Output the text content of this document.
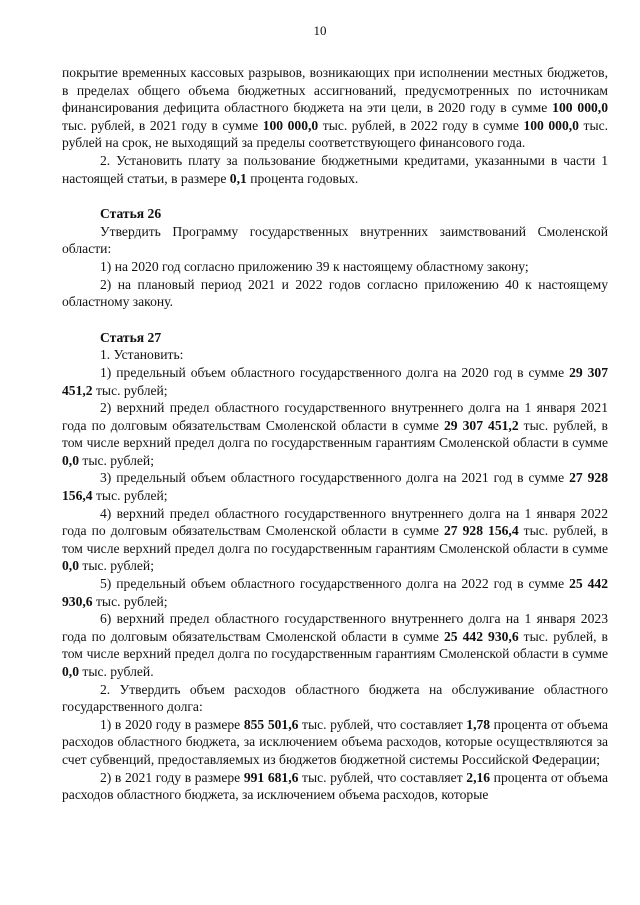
10

покрытие временных кассовых разрывов, возникающих при исполнении местных бюджетов, в пределах общего объема бюджетных ассигнований, предусмотренных по источникам финансирования дефицита областного бюджета на эти цели, в 2020 году в сумме 100 000,0 тыс. рублей, в 2021 году в сумме 100 000,0 тыс. рублей, в 2022 году в сумме 100 000,0 тыс. рублей на срок, не выходящий за пределы соответствующего финансового года.

2. Установить плату за пользование бюджетными кредитами, указанными в части 1 настоящей статьи, в размере 0,1 процента годовых.

Статья 26

Утвердить Программу государственных внутренних заимствований Смоленской области:

1) на 2020 год согласно приложению 39 к настоящему областному закону;

2) на плановый период 2021 и 2022 годов согласно приложению 40 к настоящему областному закону.

Статья 27

1. Установить:

1) предельный объем областного государственного долга на 2020 год в сумме 29 307 451,2 тыс. рублей;

2) верхний предел областного государственного внутреннего долга на 1 января 2021 года по долговым обязательствам Смоленской области в сумме 29 307 451,2 тыс. рублей, в том числе верхний предел долга по государственным гарантиям Смоленской области в сумме 0,0 тыс. рублей;

3) предельный объем областного государственного долга на 2021 год в сумме 27 928 156,4 тыс. рублей;

4) верхний предел областного государственного внутреннего долга на 1 января 2022 года по долговым обязательствам Смоленской области в сумме 27 928 156,4 тыс. рублей, в том числе верхний предел долга по государственным гарантиям Смоленской области в сумме 0,0 тыс. рублей;

5) предельный объем областного государственного долга на 2022 год в сумме 25 442 930,6 тыс. рублей;

6) верхний предел областного государственного внутреннего долга на 1 января 2023 года по долговым обязательствам Смоленской области в сумме 25 442 930,6 тыс. рублей, в том числе верхний предел долга по государственным гарантиям Смоленской области в сумме 0,0 тыс. рублей.

2. Утвердить объем расходов областного бюджета на обслуживание областного государственного долга:

1) в 2020 году в размере 855 501,6 тыс. рублей, что составляет 1,78 процента от объема расходов областного бюджета, за исключением объема расходов, которые осуществляются за счет субвенций, предоставляемых из бюджетов бюджетной системы Российской Федерации;

2) в 2021 году в размере 991 681,6 тыс. рублей, что составляет 2,16 процента от объема расходов областного бюджета, за исключением объема расходов, которые
